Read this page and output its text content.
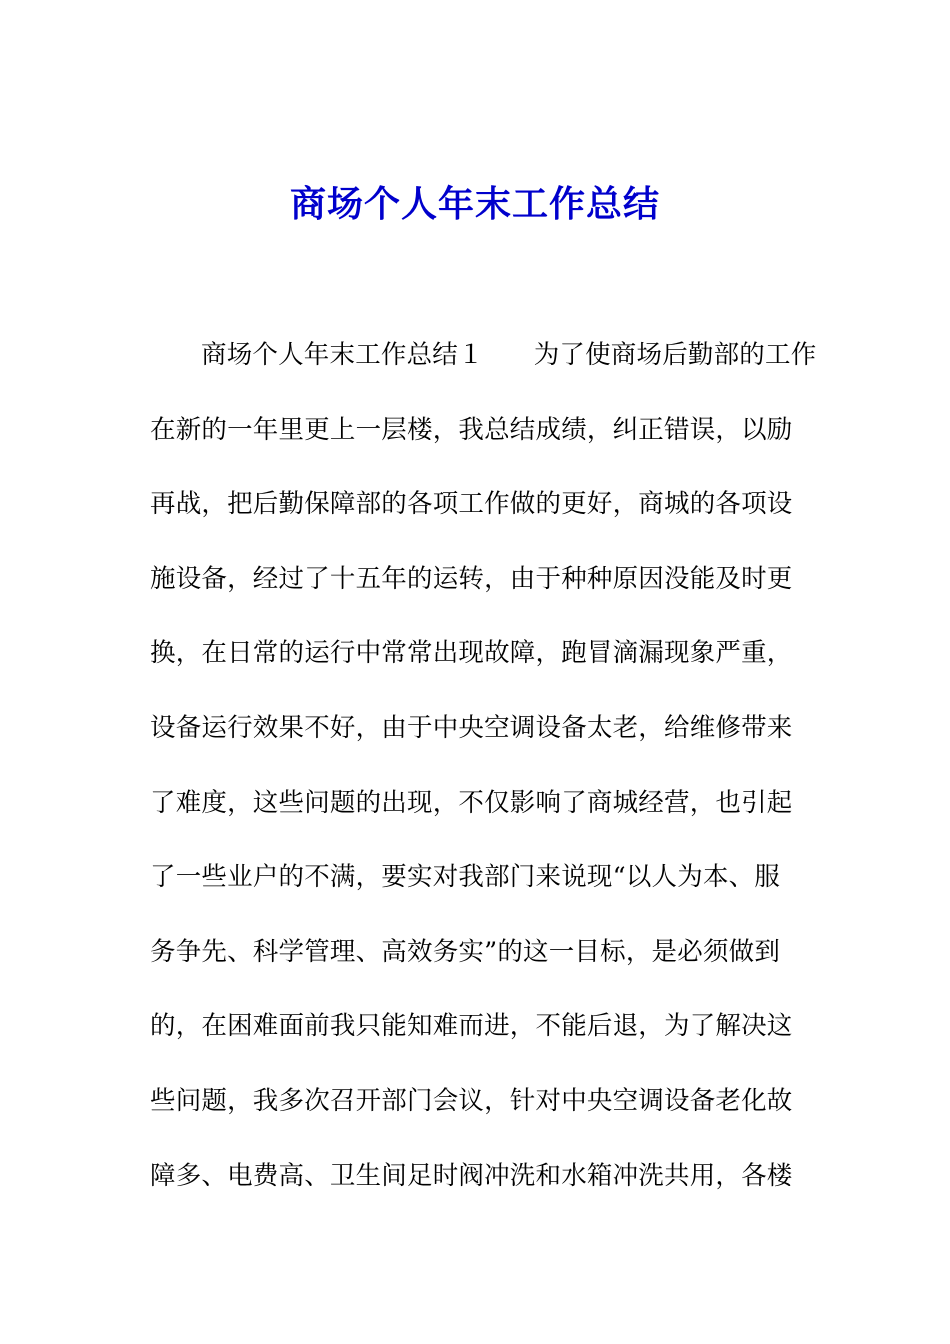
商场个人年末工作总结
商场个人年末工作总结１ 为了使商场后勤部的工作
在新的一年里更上一层楼，我总结成绩，纠正错误，以励
再战，把后勤保障部的各项工作做的更好，商城的各项设
施设备，经过了十五年的运转，由于种种原因没能及时更
换，在日常的运行中常常出现故障，跑冒滴漏现象严重，
设备运行效果不好，由于中央空调设备太老，给维修带来
了难度，这些问题的出现，不仅影响了商城经营，也引起
了一些业户的不满，要实对我部门来说现“以人为本、服
务争先、科学管理、高效务实”的这一目标，是必须做到
的，在困难面前我只能知难而进，不能后退，为了解决这
些问题，我多次召开部门会议，针对中央空调设备老化故
障多、电费高、卫生间足时阀冲洗和水箱冲洗共用，各楼
